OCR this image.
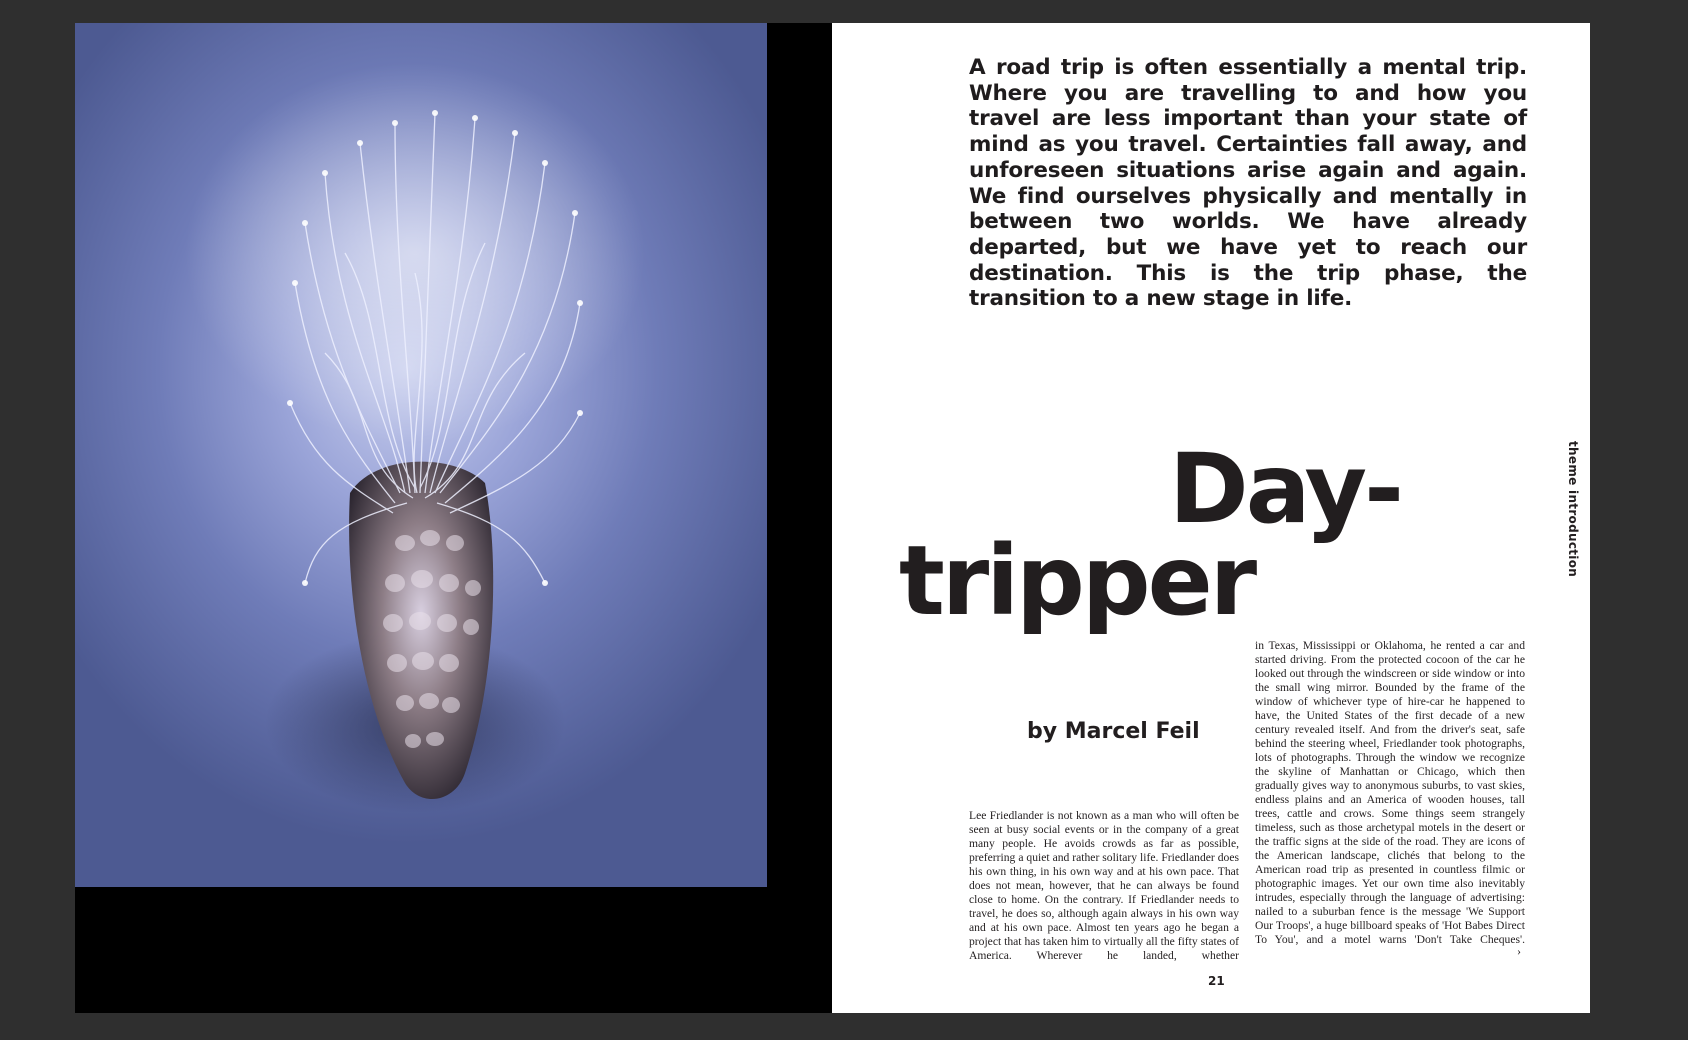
A road trip is often essentially a mental trip. Where you are travelling to and how you travel are less important than your state of mind as you travel. Certainties fall away, and unforeseen situations arise again and again. We find ourselves physically and mentally in between two worlds. We have already departed, but we have yet to reach our destination. This is the trip phase, the transition to a new stage in life.
Day-
tripper
by Marcel Feil
Lee Friedlander is not known as a man who will often be seen at busy social events or in the company of a great many people. He avoids crowds as far as possible, preferring a quiet and rather solitary life. Friedlander does his own thing, in his own way and at his own pace. That does not mean, however, that he can always be found close to home. On the contrary. If Friedlander needs to travel, he does so, although again always in his own way and at his own pace. Almost ten years ago he began a project that has taken him to virtually all the fifty states of America. Wherever he landed, whether
in Texas, Mississippi or Oklahoma, he rented a car and started driving. From the protected cocoon of the car he looked out through the windscreen or side window or into the small wing mirror. Bounded by the frame of the window of whichever type of hire-car he happened to have, the United States of the first decade of a new century revealed itself. And from the driver's seat, safe behind the steering wheel, Friedlander took photographs, lots of photographs. Through the window we recognize the skyline of Manhattan or Chicago, which then gradually gives way to anonymous suburbs, to vast skies, endless plains and an America of wooden houses, tall trees, cattle and crows. Some things seem strangely timeless, such as those archetypal motels in the desert or the traffic signs at the side of the road. They are icons of the American landscape, clichés that belong to the American road trip as presented in countless filmic or photographic images. Yet our own time also inevitably intrudes, especially through the language of advertising: nailed to a suburban fence is the message 'We Support Our Troops', a huge billboard speaks of 'Hot Babes Direct To You', and a motel warns 'Don't Take Cheques'.
›
21
theme introduction
